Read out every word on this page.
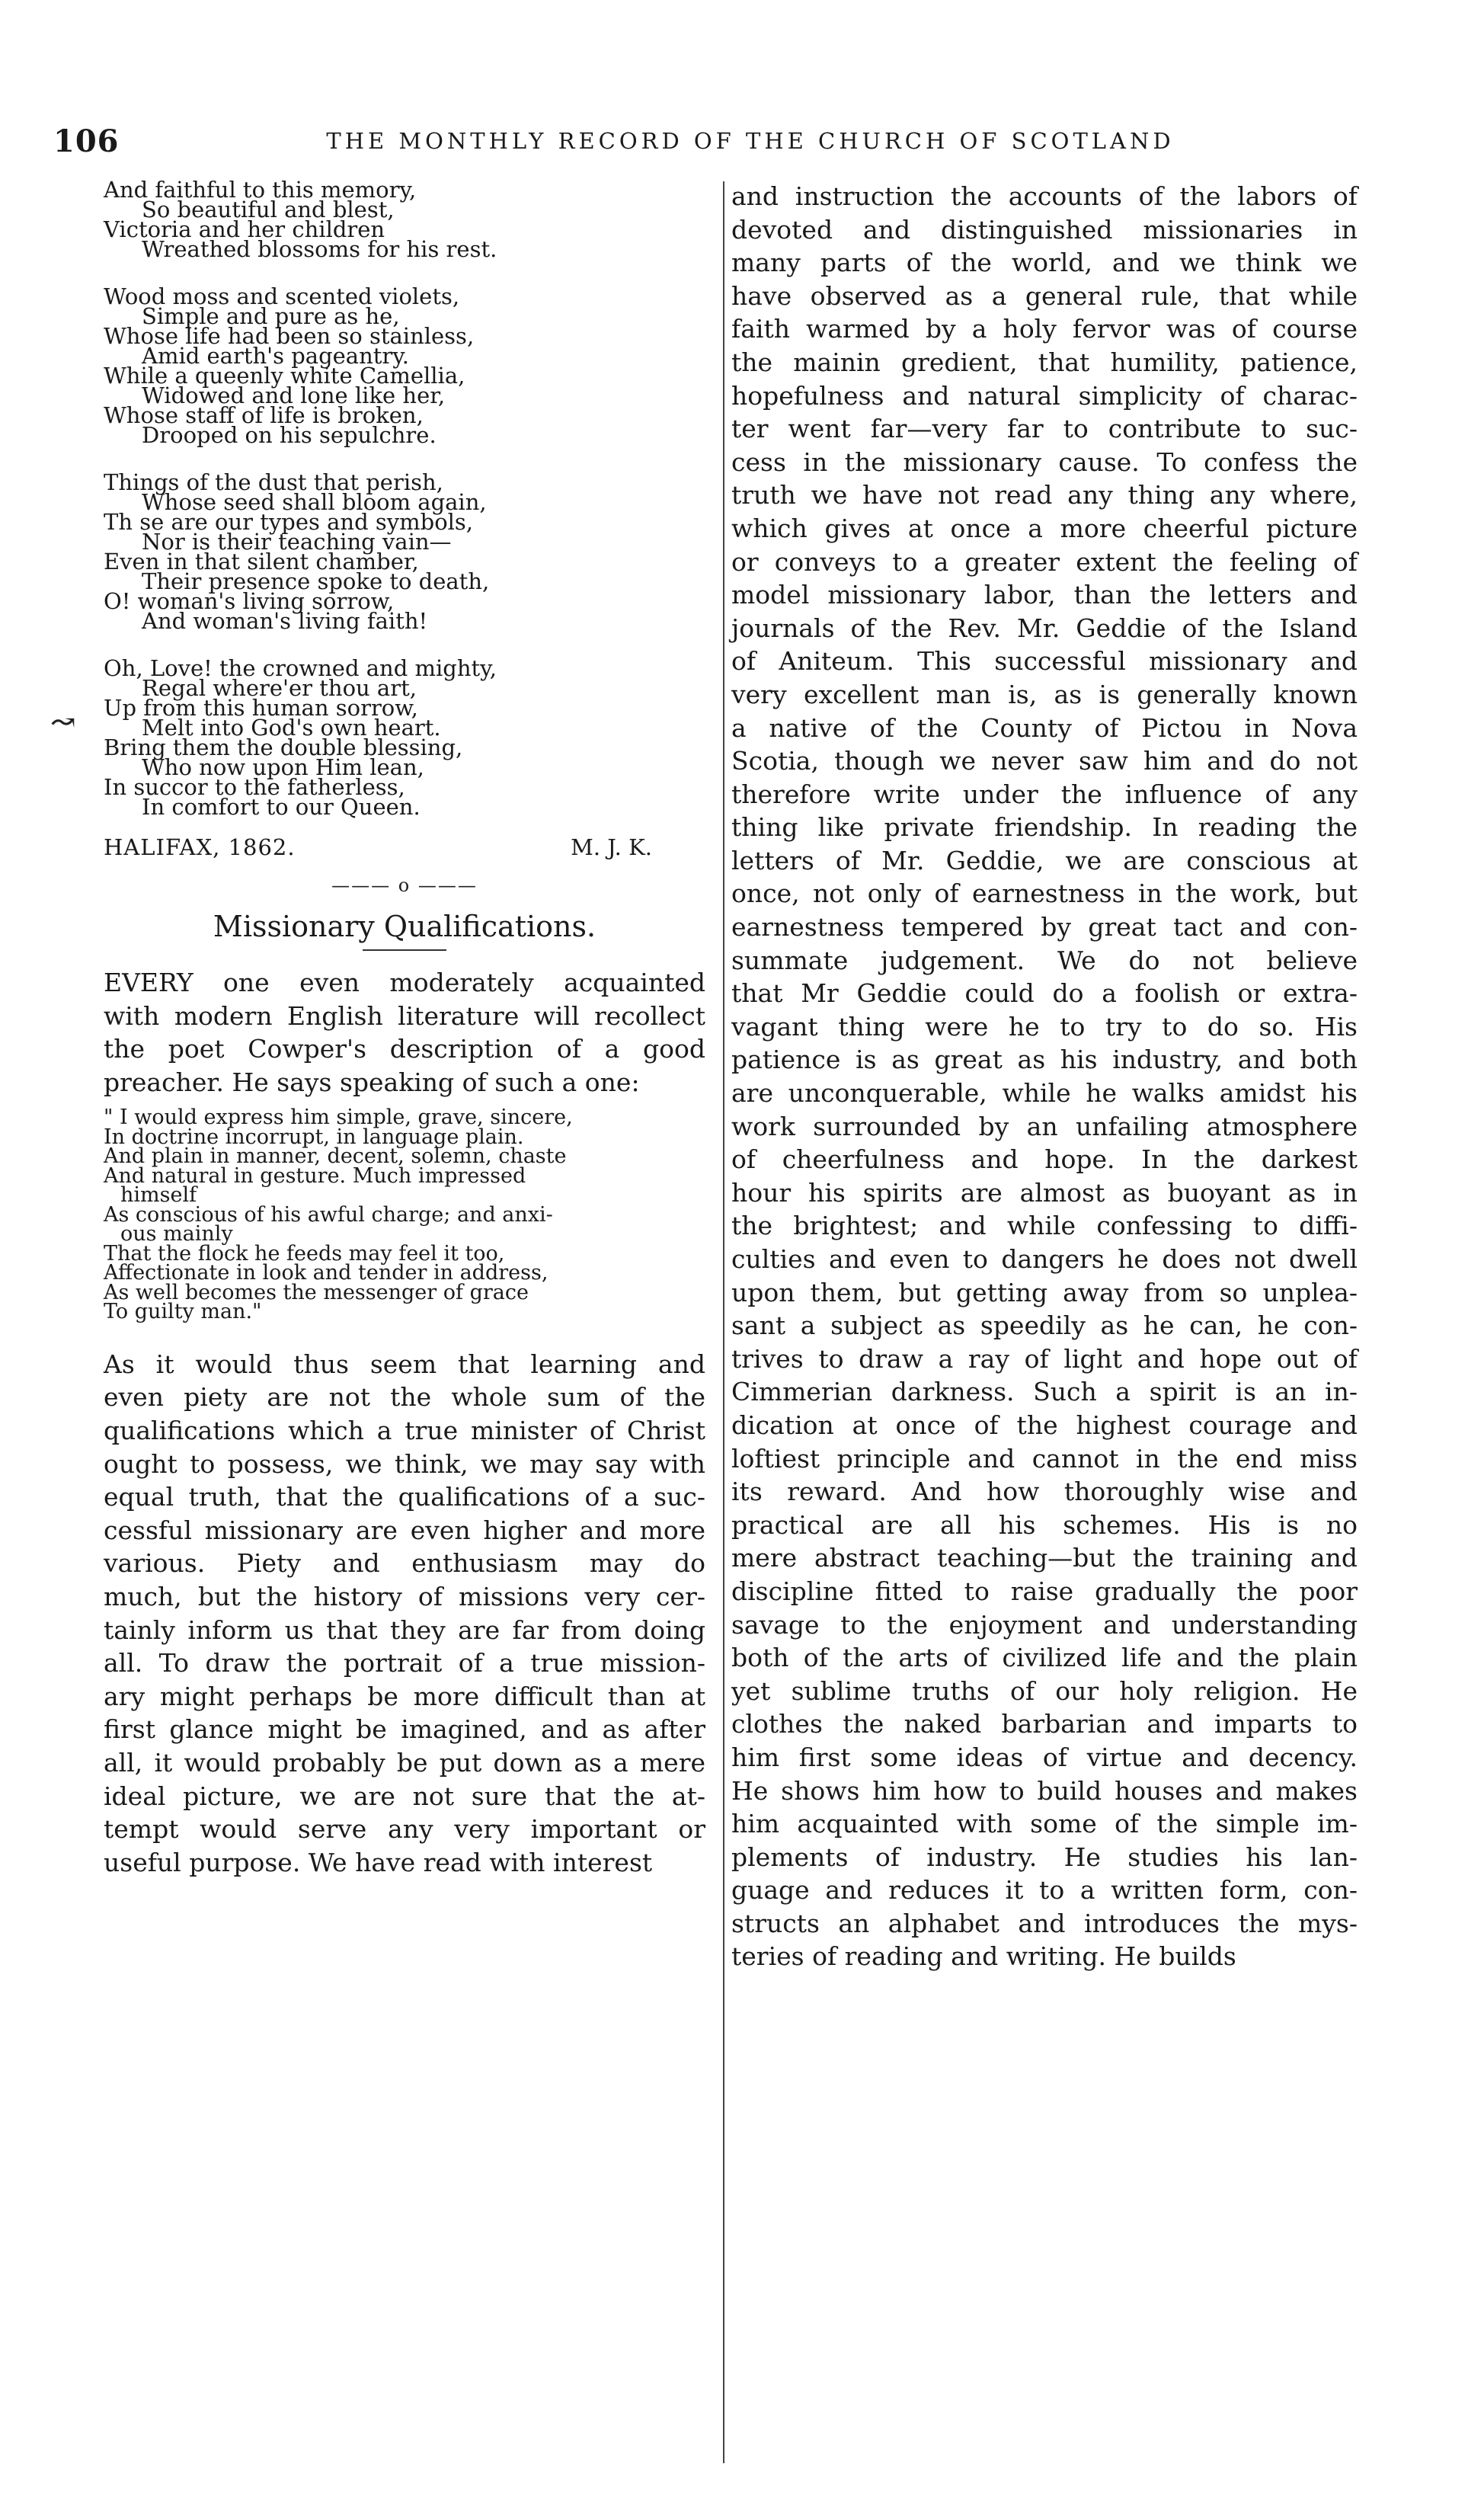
106	THE MONTHLY RECORD OF THE CHURCH OF SCOTLAND
↝
And faithful to this memory,
So beautiful and blest,
Victoria and her children
Wreathed blossoms for his rest.
Wood moss and scented violets,
Simple and pure as he,
Whose life had been so stainless,
Amid earth's pageantry.
While a queenly white Camellia,
Widowed and lone like her,
Whose staff of life is broken,
Drooped on his sepulchre.
Things of the dust that perish,
Whose seed shall bloom again,
Th se are our types and symbols,
Nor is their teaching vain—
Even in that silent chamber,
Their presence spoke to death,
O! woman's living sorrow,
And woman's living faith!
Oh, Love! the crowned and mighty,
Regal where'er thou art,
Up from this human sorrow,
Melt into God's own heart.
Bring them the double blessing,
Who now upon Him lean,
In succor to the fatherless,
In comfort to our Queen.
HALIFAX, 1862.	M. J. K.
——— o ———
Missionary Qualifications.
EVERY one even moderately acquainted
with modern English literature will recollect
the poet Cowper's description of a good
preacher. He says speaking of such a one:
" I would express him simple, grave, sincere,
In doctrine incorrupt, in language plain.
And plain in manner, decent, solemn, chaste
And natural in gesture. Much impressed
himself
As conscious of his awful charge; and anxi-
ous mainly
That the flock he feeds may feel it too,
Affectionate in look and tender in address,
As well becomes the messenger of grace
To guilty man."
As it would thus seem that learning and
even piety are not the whole sum of the
qualifications which a true minister of Christ
ought to possess, we think, we may say with
equal truth, that the qualifications of a suc-
cessful missionary are even higher and more
various. Piety and enthusiasm may do
much, but the history of missions very cer-
tainly inform us that they are far from doing
all. To draw the portrait of a true mission-
ary might perhaps be more difficult than at
first glance might be imagined, and as after
all, it would probably be put down as a mere
ideal picture, we are not sure that the at-
tempt would serve any very important or
useful purpose. We have read with interest
and instruction the accounts of the labors of
devoted and distinguished missionaries in
many parts of the world, and we think we
have observed as a general rule, that while
faith warmed by a holy fervor was of course
the mainin gredient, that humility, patience,
hopefulness and natural simplicity of charac-
ter went far—very far to contribute to suc-
cess in the missionary cause. To confess the
truth we have not read any thing any where,
which gives at once a more cheerful picture
or conveys to a greater extent the feeling of
model missionary labor, than the letters and
journals of the Rev. Mr. Geddie of the Island
of Aniteum. This successful missionary and
very excellent man is, as is generally known
a native of the County of Pictou in Nova
Scotia, though we never saw him and do not
therefore write under the influence of any
thing like private friendship. In reading the
letters of Mr. Geddie, we are conscious at
once, not only of earnestness in the work, but
earnestness tempered by great tact and con-
summate judgement. We do not believe
that Mr Geddie could do a foolish or extra-
vagant thing were he to try to do so. His
patience is as great as his industry, and both
are unconquerable, while he walks amidst his
work surrounded by an unfailing atmosphere
of cheerfulness and hope. In the darkest
hour his spirits are almost as buoyant as in
the brightest; and while confessing to diffi-
culties and even to dangers he does not dwell
upon them, but getting away from so unplea-
sant a subject as speedily as he can, he con-
trives to draw a ray of light and hope out of
Cimmerian darkness. Such a spirit is an in-
dication at once of the highest courage and
loftiest principle and cannot in the end miss
its reward. And how thoroughly wise and
practical are all his schemes. His is no
mere abstract teaching—but the training and
discipline fitted to raise gradually the poor
savage to the enjoyment and understanding
both of the arts of civilized life and the plain
yet sublime truths of our holy religion. He
clothes the naked barbarian and imparts to
him first some ideas of virtue and decency.
He shows him how to build houses and makes
him acquainted with some of the simple im-
plements of industry. He studies his lan-
guage and reduces it to a written form, con-
structs an alphabet and introduces the mys-
teries of reading and writing. He builds
